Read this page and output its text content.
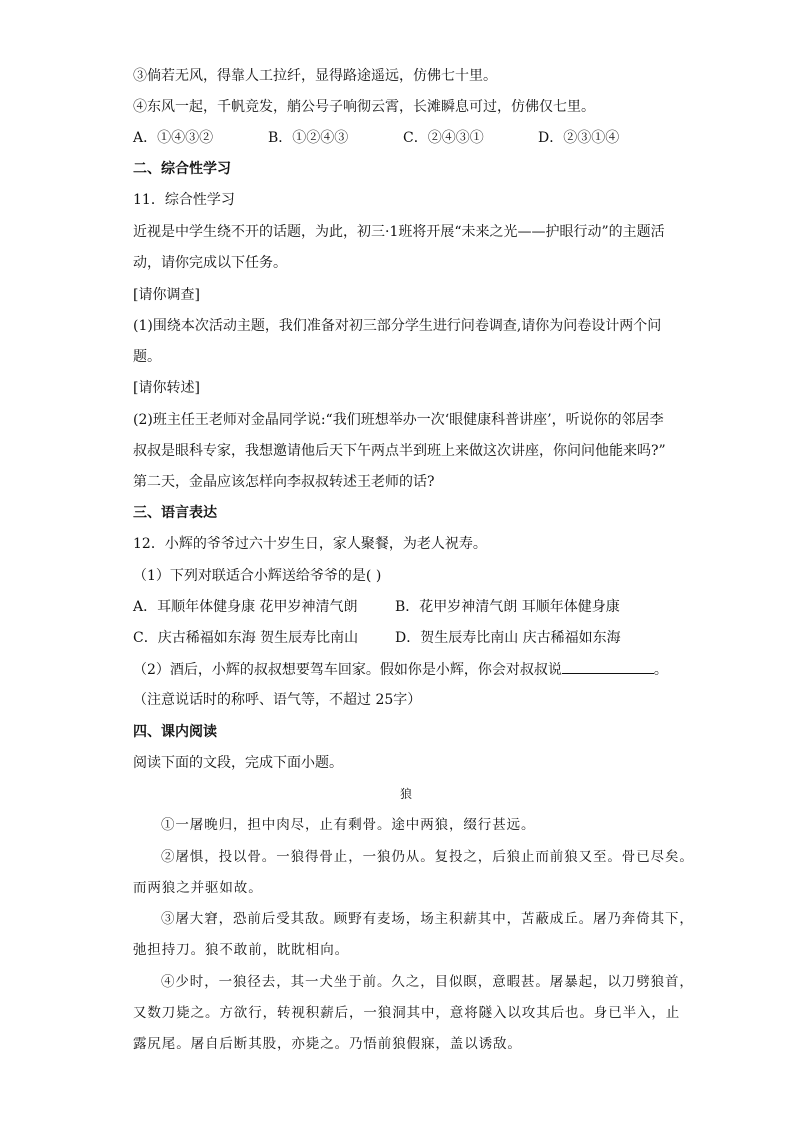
③倘若无风，得靠人工拉纤，显得路途遥远，仿佛七十里。
④东风一起，千帆竞发，艄公号子响彻云霄，长滩瞬息可过，仿佛仅七里。
A．①④③②	B．①②④③	C．②④③①	D．②③①④
二、综合性学习
11．综合性学习
近视是中学生绕不开的话题，为此，初三·1班将开展“未来之光——护眼行动”的主题活
动，请你完成以下任务。
[请你调查]
(1)围绕本次活动主题，我们准备对初三部分学生进行问卷调查,请你为问卷设计两个问
题。
[请你转述]
(2)班主任王老师对金晶同学说:“我们班想举办一次‘眼健康科普讲座’，听说你的邻居李
叔叔是眼科专家，我想邀请他后天下午两点半到班上来做这次讲座，你问问他能来吗?”
第二天，金晶应该怎样向李叔叔转述王老师的话?
三、语言表达
12．小辉的爷爷过六十岁生日，家人聚餐，为老人祝寿。
（1）下列对联适合小辉送给爷爷的是( )
A．耳顺年体健身康 花甲岁神清气朗	B．花甲岁神清气朗 耳顺年体健身康
C．庆古稀福如东海 贺生辰寿比南山	D．贺生辰寿比南山 庆古稀福如东海
（2）酒后，小辉的叔叔想要驾车回家。假如你是小辉，你会对叔叔说	。
（注意说话时的称呼、语气等，不超过 25字）
四、课内阅读
阅读下面的文段，完成下面小题。
狼
①一屠晚归，担中肉尽，止有剩骨。途中两狼，缀行甚远。
②屠惧，投以骨。一狼得骨止，一狼仍从。复投之，后狼止而前狼又至。骨已尽矣。
而两狼之并驱如故。
③屠大窘，恐前后受其敌。顾野有麦场，场主积薪其中，苫蔽成丘。屠乃奔倚其下，
弛担持刀。狼不敢前，眈眈相向。
④少时，一狼径去，其一犬坐于前。久之，目似瞑，意暇甚。屠暴起，以刀劈狼首，
又数刀毙之。方欲行，转视积薪后，一狼洞其中，意将隧入以攻其后也。身已半入，止
露尻尾。屠自后断其股，亦毙之。乃悟前狼假寐，盖以诱敌。
